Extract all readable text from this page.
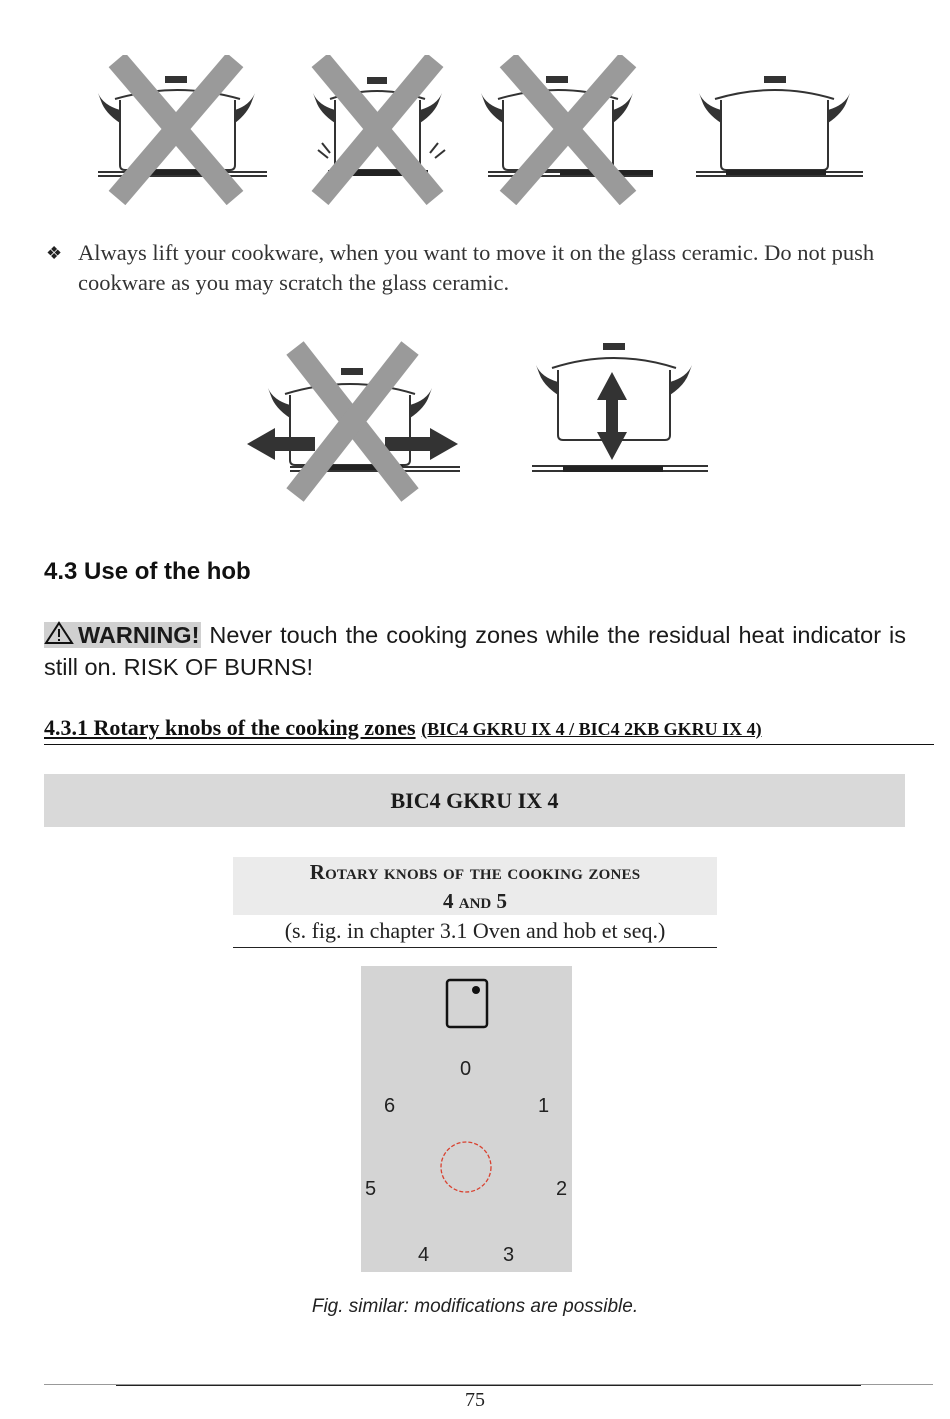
❖ Always lift your cookware, when you want to move it on the glass ceramic. Do not push cookware as you may scratch the glass ceramic.
4.3 Use of the hob
WARNING! Never touch the cooking zones while the residual heat indicator is still on. RISK OF BURNS!
4.3.1 Rotary knobs of the cooking zones (BIC4 GKRU IX 4 / BIC4 2KB GKRU IX 4)
BIC4 GKRU IX 4
Rotary knobs of the cooking zones
4 and 5
(s. fig. in chapter 3.1 Oven and hob et seq.)
0
1
2
3
4
5
6
Fig. similar: modifications are possible.
75
